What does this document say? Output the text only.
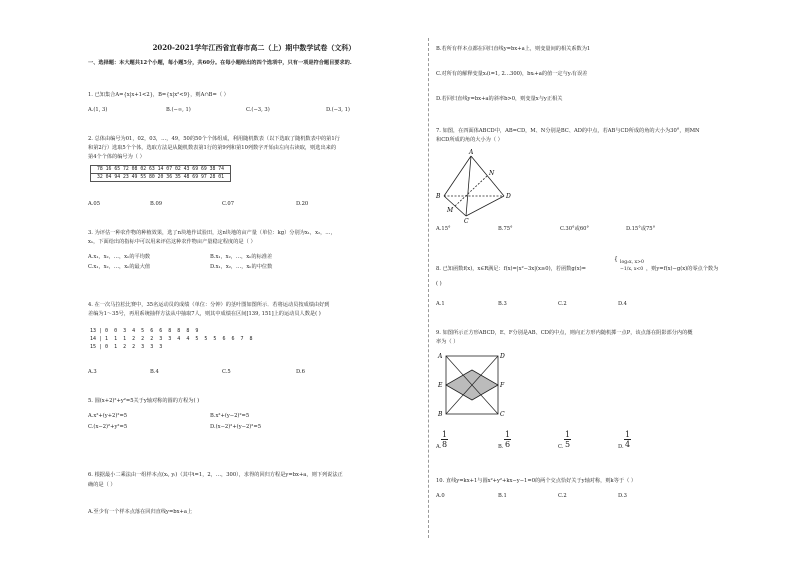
2020-2021学年江西省宜春市高二（上）期中数学试卷（文科）
一、选择题：本大题共12个小题，每小题5分，共60分。在每小题给出的四个选项中，只有一项是符合题目要求的.
1. 已知集合A={x|x+1<2}，B={x|x²<9}，则A∩B=（ ）
A.(1, 3)	B.(−∞, 1)	C.(−3, 3)	D.(−3, 1)
2. 总体由编号为01，02，03，…，49，50的50个个体组成，利用随机数表（以下选取了随机数表中的第1行
和第2行）选取5个个体，选取方法是从随机数表第1行的第9列和第10列数字开始由左向右读取，则选出来的
第4个个体的编号为（ ）
78 16 65 72 08 02 63 14 07 02 43 69 69 38 74
32 04 94 23 49 55 80 20 36 35 48 69 97 28 01
A.05	B.09	C.07	D.20
3. 为评估一种农作物的种植效果，选了n块地作试验田，这n块地的亩产量（单位：kg）分别为x₁，x₂，…，
xₙ，下面给出的指标中可以用来评估这种农作物亩产量稳定程度的是（ ）
A.x₁，x₂，…，xₙ的平均数	B.x₁，x₂，…，xₙ的标准差
C.x₁，x₂，…，xₙ的最大值	D.x₁，x₂，…，xₙ的中位数
4. 在一次马拉松比赛中，35名运动员的成绩（单位：分钟）的茎叶图如图所示．若将运动员按成绩由好到
差编为1～35号，再用系统抽样方法从中抽取7人，则其中成绩在区间[139, 151]上的运动员人数是( )
13 | 0  0  3  4  5  6  6  8  8  8  9
14 | 1  1  1  2  2  2  3  3  4  4  5  5  5  6  6  7  8
15 | 0  1  2  2  3  3  3
A.3	B.4	C.5	D.6
5. 圆(x+2)²+y²=5关于y轴对称的圆的方程为( )
A.x²+(y+2)²=5	B.x²+(y−2)²=5
C.(x−2)²+y²=5	D.(x−2)²+(y−2)²=5
6. 根据最小二乘法由一组样本点(xᵢ, yᵢ)（其中i=1，2，…，300），求得的回归方程是y=bx+a，则下列说法正
确的是（ ）
A.至少有一个样本点落在回归直线y=bx+a上
B.若所有样本点都在回归直线y=bx+a上，则变量间的相关系数为1
C.对所有的解释变量xᵢ(i=1, 2…300)，bxᵢ+a的值一定与yᵢ有误差
D.若回归直线y=bx+a的斜率b>0，则变量x与y正相关
7. 如图，在四面体ABCD中，AB=CD，M、N分别是BC、AD的中点，若AB与CD所成的角的大小为30°，则MN
和CD所成的角的大小为（ ）
A
B
C
D
M
N
A.15°	B.75°	C.30°或60°	D.15°或75°
8. 已知函数f(x)，x∈R满足：f(x)=|x²−3x|(x≥0)，若函数g(x)=
{ log₂x, x>0
−1/x, x<0 ，则y=f(x)−g(x)的零点个数为
( )
A.1	B.3	C.2	D.4
9. 如图所示正方形ABCD，E、F分别是AB、CD的中点，则向正方形内随机掷一点P，该点落在阴影部分内的概
率为（ ）
A	D
E	F
B	C
A. $\frac{1}{8}$	B. $\frac{1}{6}$	C. $\frac{1}{5}$	D. $\frac{1}{4}$
10. 直线y=kx+1与圆x²+y²+kx−y−1=0的两个交点恰好关于y轴对称，则k等于（ ）
A.0	B.1	C.2	D.3
